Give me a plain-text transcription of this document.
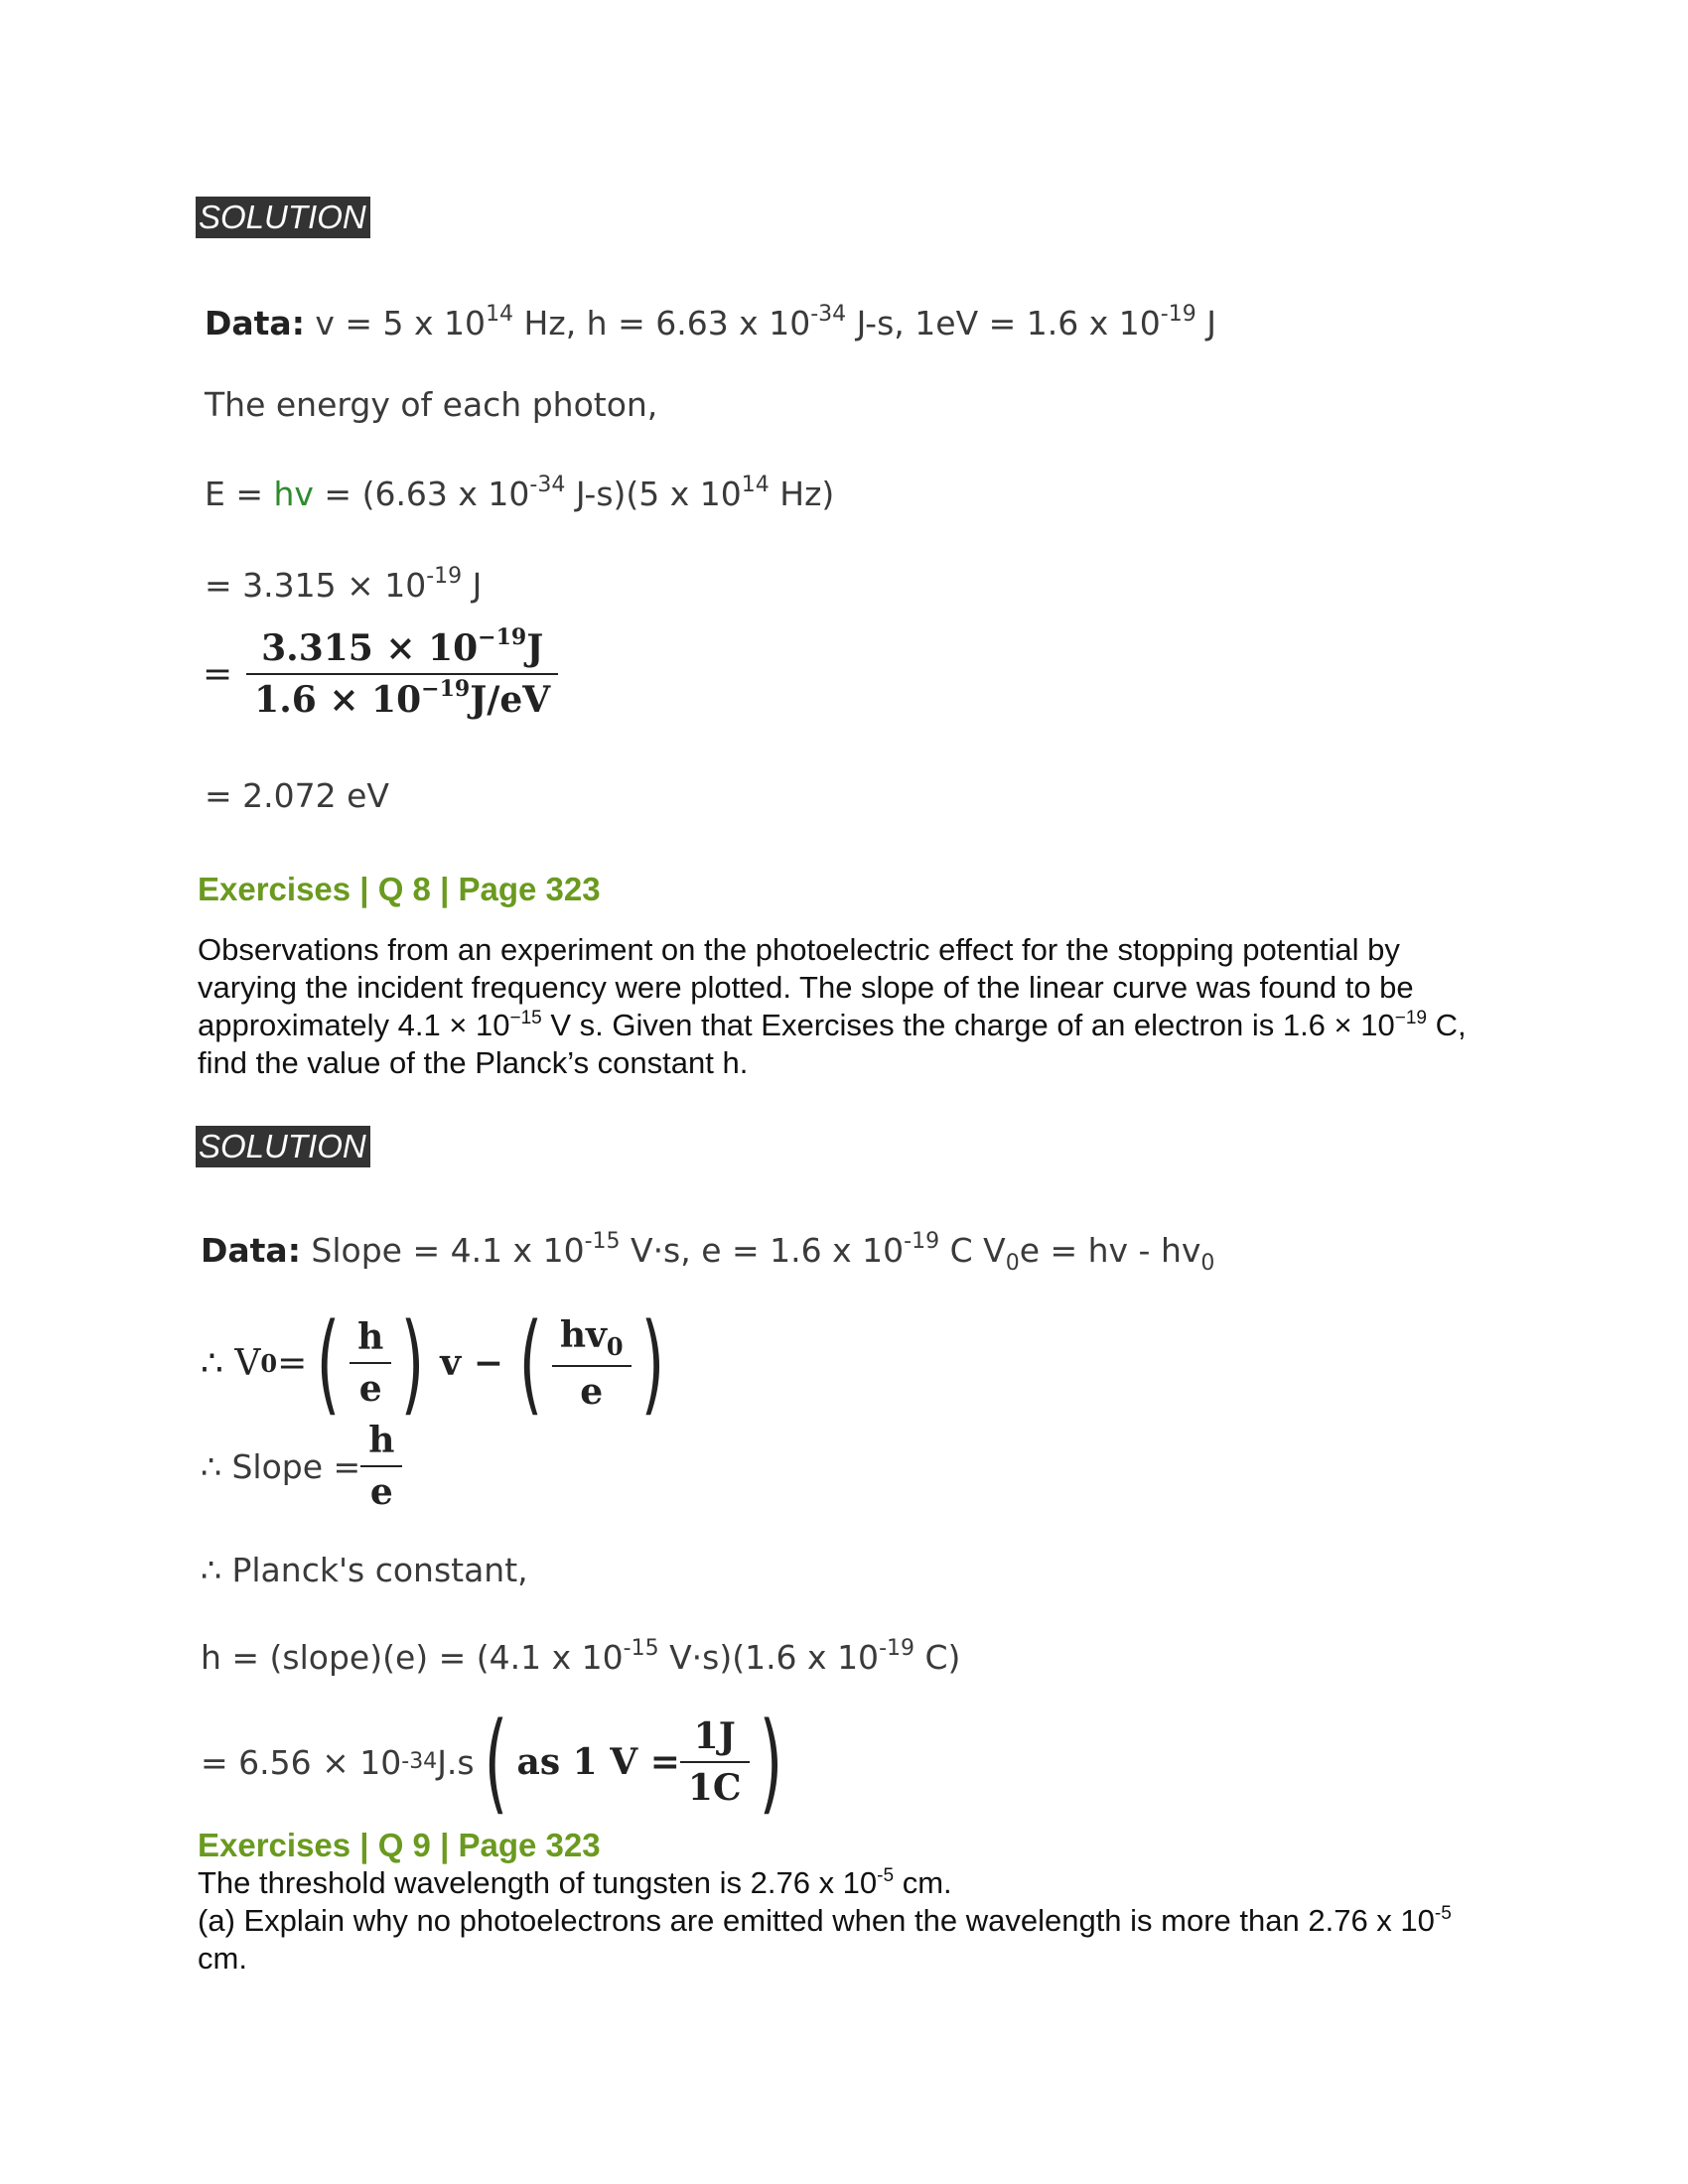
SOLUTION
Data: v = 5 x $10^{14}$ Hz, h = 6.63 x $10^{-34}$ J-s, 1eV = 1.6 x $10^{-19}$ J
The energy of each photon,
E = hv = (6.63 x $10^{-34}$ J-s)(5 x $10^{14}$ Hz)
= $3.315 \times 10^{-19}$ J
= $\frac{3.315 \times 10^{-19}J}{1.6 \times 10^{-19}J/eV}$
= 2.072 eV
Exercises | Q 8 | Page 323
Observations from an experiment on the photoelectric effect for the stopping potential by varying the incident frequency were plotted. The slope of the linear curve was found to be approximately $4.1 \times 10^{-15}$ V s. Given that Exercises the charge of an electron is $1.6 \times 10^{-19}$ C, find the value of the Planck’s constant h.
SOLUTION
Data: Slope = 4.1 x $10^{-15}$ V·s, e = 1.6 x $10^{-19}$ C $V_0e$ = hv - $hv_0$
∴ V 0 = ( $\frac{h}{e}$ ) v − ( $\frac{hv_0}{e}$ )
∴ Slope = $\frac{h}{e}$
∴ Planck's constant,
h = (slope)(e) = (4.1 x $10^{-15}$ V·s)(1.6 x $10^{-19}$ C)
= 6.56 × 10 -34 J.s ( as 1 $V = \frac{1J}{1C}$ )
Exercises | Q 9 | Page 323
The threshold wavelength of tungsten is 2.76 x $10^{-5}$ cm.
(a) Explain why no photoelectrons are emitted when the wavelength is more than 2.76 x $10^{-5}$ cm.
